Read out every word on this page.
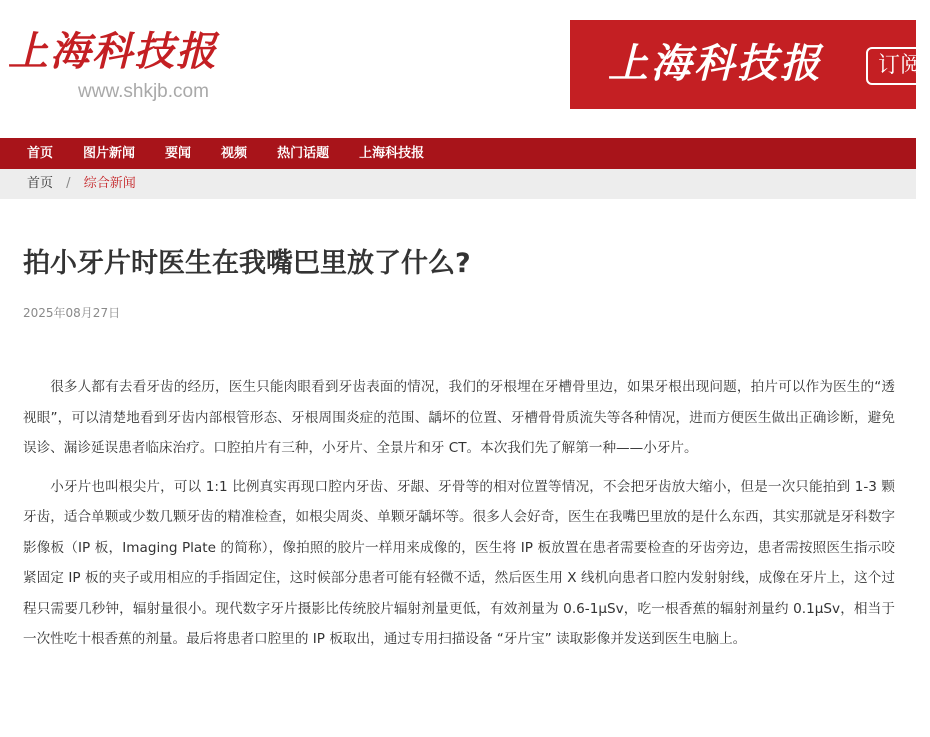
上海科技报
www.shkjb.com
上海科技报	订阅
首页 图片新闻 要闻 视频 热门话题 上海科技报
首页 / 综合新闻
拍小牙片时医生在我嘴巴里放了什么?
2025年08月27日

很多人都有去看牙齿的经历，医生只能肉眼看到牙齿表面的情况，我们的牙根埋在牙槽骨里边，如果牙根出现问题，拍片可以作为医生的“透视眼”，可以清楚地看到牙齿内部根管形态、牙根周围炎症的范围、龋坏的位置、牙槽骨骨质流失等各种情况，进而方便医生做出正确诊断，避免误诊、漏诊延误患者临床治疗。口腔拍片有三种，小牙片、全景片和牙 CT。本次我们先了解第一种——小牙片。

小牙片也叫根尖片，可以 1:1 比例真实再现口腔内牙齿、牙龈、牙骨等的相对位置等情况，不会把牙齿放大缩小，但是一次只能拍到 1-3 颗牙齿，适合单颗或少数几颗牙齿的精准检查，如根尖周炎、单颗牙龋坏等。很多人会好奇，医生在我嘴巴里放的是什么东西，其实那就是牙科数字影像板（IP 板，Imaging Plate 的简称），像拍照的胶片一样用来成像的，医生将 IP 板放置在患者需要检查的牙齿旁边，患者需按照医生指示咬紧固定 IP 板的夹子或用相应的手指固定住，这时候部分患者可能有轻微不适，然后医生用 X 线机向患者口腔内发射射线，成像在牙片上，这个过程只需要几秒钟，辐射量很小。现代数字牙片摄影比传统胶片辐射剂量更低，有效剂量为 0.6-1μSv，吃一根香蕉的辐射剂量约 0.1μSv，相当于一次性吃十根香蕉的剂量。最后将患者口腔里的 IP 板取出，通过专用扫描设备 “牙片宝” 读取影像并发送到医生电脑上。
